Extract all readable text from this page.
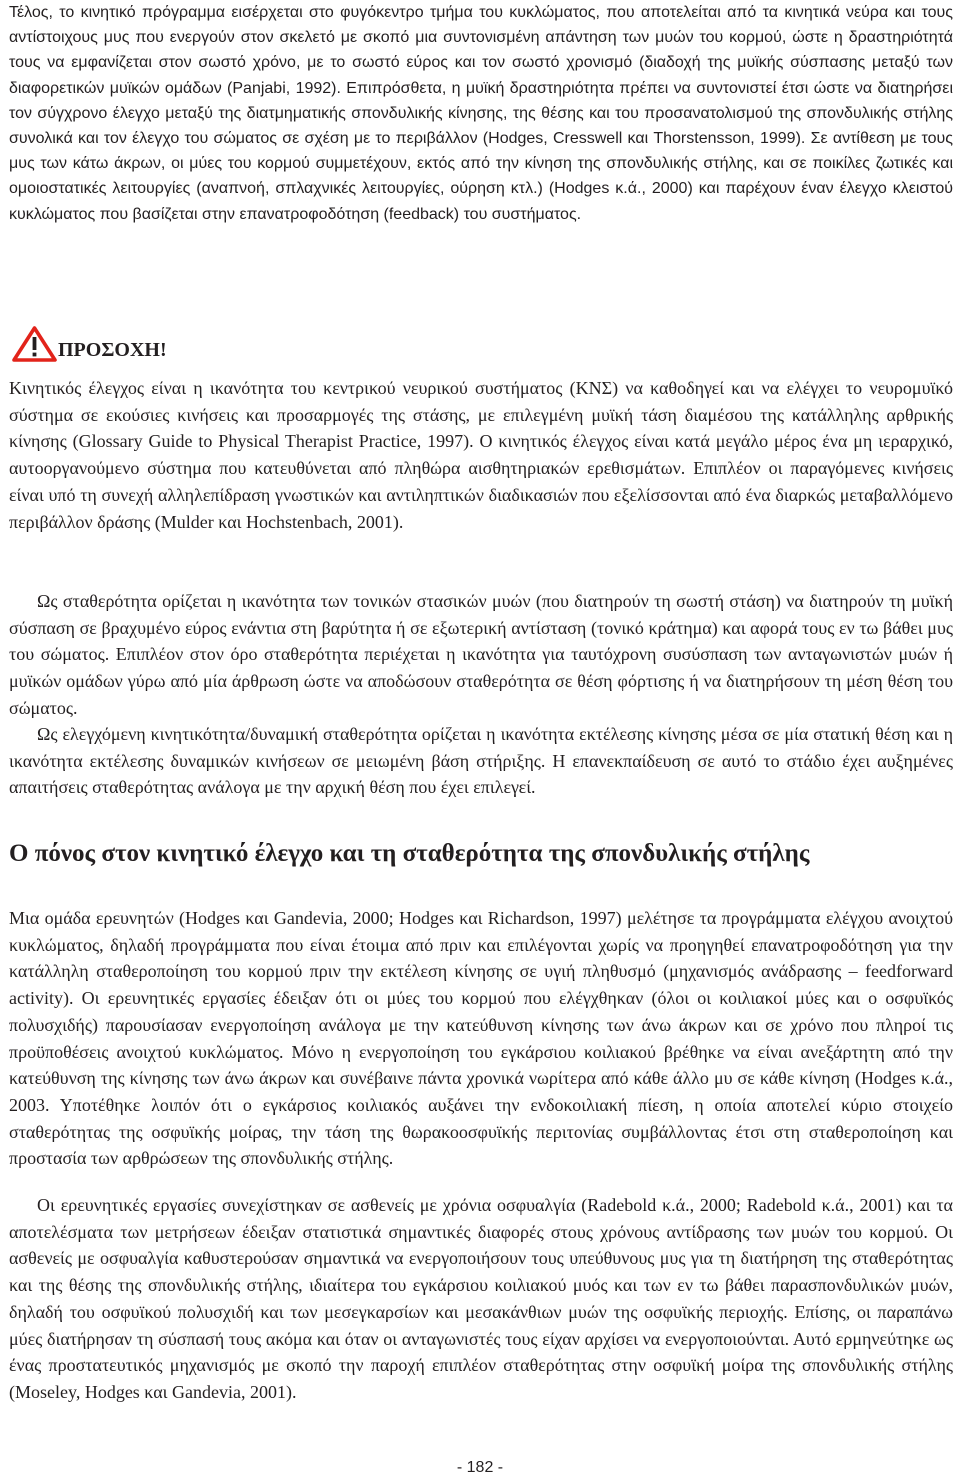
Τέλος, το κινητικό πρόγραμμα εισέρχεται στο φυγόκεντρο τμήμα του κυκλώματος, που αποτελείται από τα κινητικά νεύρα και τους αντίστοιχους μυς που ενεργούν στον σκελετό με σκοπό μια συντονισμένη απάντηση των μυών του κορμού, ώστε η δραστηριότητά τους να εμφανίζεται στον σωστό χρόνο, με το σωστό εύρος και τον σωστό χρονισμό (διαδοχή της μυϊκής σύσπασης μεταξύ των διαφορετικών μυϊκών ομάδων (Panjabi, 1992). Επιπρόσθετα, η μυϊκή δραστηριότητα πρέπει να συντονιστεί έτσι ώστε να διατηρήσει τον σύγχρονο έλεγχο μεταξύ της διατμηματικής σπονδυλικής κίνησης, της θέσης και του προσανατολισμού της σπονδυλικής στήλης συνολικά και τον έλεγχο του σώματος σε σχέση με το περιβάλλον (Hodges, Cresswell και Thorstensson, 1999). Σε αντίθεση με τους μυς των κάτω άκρων, οι μύες του κορμού συμμετέχουν, εκτός από την κίνηση της σπονδυλικής στήλης, και σε ποικίλες ζωτικές και ομοιοστατικές λειτουργίες (αναπνοή, σπλαχνικές λειτουργίες, ούρηση κτλ.) (Hodges κ.ά., 2000) και παρέχουν έναν έλεγχο κλειστού κυκλώματος που βασίζεται στην επανατροφοδότηση (feedback) του συστήματος.

ΠΡΟΣΟΧΗ!

Κινητικός έλεγχος είναι η ικανότητα του κεντρικού νευρικού συστήματος (ΚΝΣ) να καθοδηγεί και να ελέγχει το νευρομυϊκό σύστημα σε εκούσιες κινήσεις και προσαρμογές της στάσης, με επιλεγμένη μυϊκή τάση διαμέσου της κατάλληλης αρθρικής κίνησης (Glossary Guide to Physical Therapist Practice, 1997). Ο κινητικός έλεγχος είναι κατά μεγάλο μέρος ένα μη ιεραρχικό, αυτοοργανούμενο σύστημα που κατευθύνεται από πληθώρα αισθητηριακών ερεθισμάτων. Επιπλέον οι παραγόμενες κινήσεις είναι υπό τη συνεχή αλληλεπίδραση γνωστικών και αντιληπτικών διαδικασιών που εξελίσσονται από ένα διαρκώς μεταβαλλόμενο περιβάλλον δράσης (Mulder και Hochstenbach, 2001).

Ως σταθερότητα ορίζεται η ικανότητα των τονικών στασικών μυών (που διατηρούν τη σωστή στάση) να διατηρούν τη μυϊκή σύσπαση σε βραχυμένο εύρος ενάντια στη βαρύτητα ή σε εξωτερική αντίσταση (τονικό κράτημα) και αφορά τους εν τω βάθει μυς του σώματος. Επιπλέον στον όρο σταθερότητα περιέχεται η ικανότητα για ταυτόχρονη συσύσπαση των ανταγωνιστών μυών ή μυϊκών ομάδων γύρω από μία άρθρωση ώστε να αποδώσουν σταθερότητα σε θέση φόρτισης ή να διατηρήσουν τη μέση θέση του σώματος.

Ως ελεγχόμενη κινητικότητα/δυναμική σταθερότητα ορίζεται η ικανότητα εκτέλεσης κίνησης μέσα σε μία στατική θέση και η ικανότητα εκτέλεσης δυναμικών κινήσεων σε μειωμένη βάση στήριξης. Η επανεκπαίδευση σε αυτό το στάδιο έχει αυξημένες απαιτήσεις σταθερότητας ανάλογα με την αρχική θέση που έχει επιλεγεί.

Ο πόνος στον κινητικό έλεγχο και τη σταθερότητα της σπονδυλικής στήλης

Μια ομάδα ερευνητών (Hodges και Gandevia, 2000; Hodges και Richardson, 1997) μελέτησε τα προγράμματα ελέγχου ανοιχτού κυκλώματος, δηλαδή προγράμματα που είναι έτοιμα από πριν και επιλέγονται χωρίς να προηγηθεί επανατροφοδότηση για την κατάλληλη σταθεροποίηση του κορμού πριν την εκτέλεση κίνησης σε υγιή πληθυσμό (μηχανισμός ανάδρασης – feedforward activity). Οι ερευνητικές εργασίες έδειξαν ότι οι μύες του κορμού που ελέγχθηκαν (όλοι οι κοιλιακοί μύες και ο οσφυϊκός πολυσχιδής) παρουσίασαν ενεργοποίηση ανάλογα με την κατεύθυνση κίνησης των άνω άκρων και σε χρόνο που πληροί τις προϋποθέσεις ανοιχτού κυκλώματος. Μόνο η ενεργοποίηση του εγκάρσιου κοιλιακού βρέθηκε να είναι ανεξάρτητη από την κατεύθυνση της κίνησης των άνω άκρων και συνέβαινε πάντα χρονικά νωρίτερα από κάθε άλλο μυ σε κάθε κίνηση (Hodges κ.ά., 2003. Υποτέθηκε λοιπόν ότι ο εγκάρσιος κοιλιακός αυξάνει την ενδοκοιλιακή πίεση, η οποία αποτελεί κύριο στοιχείο σταθερότητας της οσφυϊκής μοίρας, την τάση της θωρακοοσφυϊκής περιτονίας συμβάλλοντας έτσι στη σταθεροποίηση και προστασία των αρθρώσεων της σπονδυλικής στήλης.

Οι ερευνητικές εργασίες συνεχίστηκαν σε ασθενείς με χρόνια οσφυαλγία (Radebold κ.ά., 2000; Radebold κ.ά., 2001) και τα αποτελέσματα των μετρήσεων έδειξαν στατιστικά σημαντικές διαφορές στους χρόνους αντίδρασης των μυών του κορμού. Οι ασθενείς με οσφυαλγία καθυστερούσαν σημαντικά να ενεργοποιήσουν τους υπεύθυνους μυς για τη διατήρηση της σταθερότητας και της θέσης της σπονδυλικής στήλης, ιδιαίτερα του εγκάρσιου κοιλιακού μυός και των εν τω βάθει παρασπονδυλικών μυών, δηλαδή του οσφυϊκού πολυσχιδή και των μεσεγκαρσίων και μεσακάνθιων μυών της οσφυϊκής περιοχής. Επίσης, οι παραπάνω μύες διατήρησαν τη σύσπασή τους ακόμα και όταν οι ανταγωνιστές τους είχαν αρχίσει να ενεργοποιούνται. Αυτό ερμηνεύτηκε ως ένας προστατευτικός μηχανισμός με σκοπό την παροχή επιπλέον σταθερότητας στην οσφυϊκή μοίρα της σπονδυλικής στήλης (Moseley, Hodges και Gandevia, 2001).

- 182 -
